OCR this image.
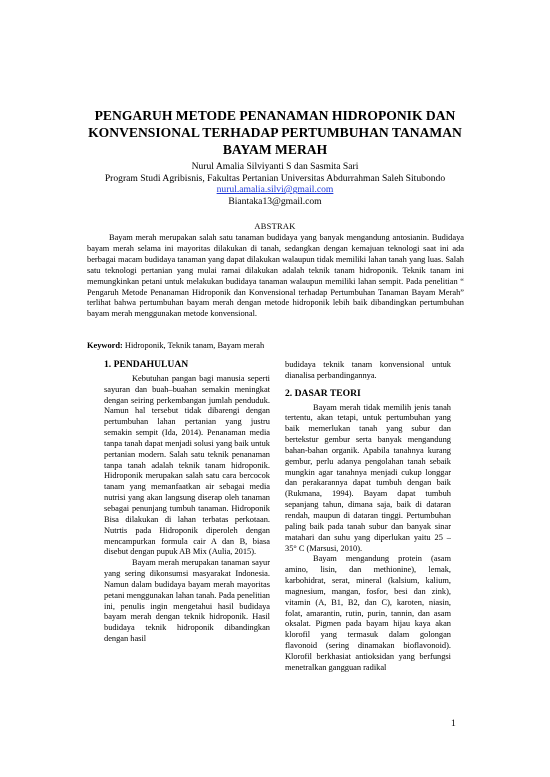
PENGARUH METODE PENANAMAN HIDROPONIK DAN KONVENSIONAL TERHADAP PERTUMBUHAN TANAMAN BAYAM MERAH
Nurul Amalia Silviyanti S dan Sasmita Sari
Program Studi Agribisnis, Fakultas Pertanian Universitas Abdurrahman Saleh Situbondo
nurul.amalia.silvi@gmail.com
Biantaka13@gmail.com
ABSTRAK

Bayam merah merupakan salah satu tanaman budidaya yang banyak mengandung antosianin. Budidaya bayam merah selama ini mayoritas dilakukan di tanah, sedangkan dengan kemajuan teknologi saat ini ada berbagai macam budidaya tanaman yang dapat dilakukan walaupun tidak memiliki lahan tanah yang luas. Salah satu teknologi pertanian yang mulai ramai dilakukan adalah teknik tanam hidroponik. Teknik tanam ini memungkinkan petani untuk melakukan budidaya tanaman walaupun memiliki lahan sempit. Pada penelitian “ Pengaruh Metode Penanaman Hidroponik dan Konvensional terhadap Pertumbuhan Tanaman Bayam Merah” terlihat bahwa pertumbuhan bayam merah dengan metode hidroponik lebih baik dibandingkan pertumbuhan bayam merah menggunakan metode konvensional.

Keyword: Hidroponik, Teknik tanam, Bayam merah
1. PENDAHULUAN

Kebutuhan pangan bagi manusia seperti sayuran dan buah–buahan semakin meningkat dengan seiring perkembangan jumlah penduduk. Namun hal tersebut tidak dibarengi dengan pertumbuhan lahan pertanian yang justru semakin sempit (Ida, 2014). Penanaman media tanpa tanah dapat menjadi solusi yang baik untuk pertanian modern. Salah satu teknik penanaman tanpa tanah adalah teknik tanam hidroponik. Hidroponik merupakan salah satu cara bercocok tanam yang memanfaatkan air sebagai media nutrisi yang akan langsung diserap oleh tanaman sebagai penunjang tumbuh tanaman. Hidroponik Bisa dilakukan di lahan terbatas perkotaan. Nutrtis pada Hidroponik diperoleh dengan mencampurkan formula cair A dan B, biasa disebut dengan pupuk AB Mix (Aulia, 2015).

Bayam merah merupakan tanaman sayur yang sering dikonsumsi masyarakat Indonesia. Namun dalam budidaya bayam merah mayoritas petani menggunakan lahan tanah. Pada penelitian ini, penulis ingin mengetahui hasil budidaya bayam merah dengan teknik hidroponik. Hasil budidaya teknik hidroponik dibandingkan dengan hasil

budidaya teknik tanam konvensional untuk dianalisa perbandingannya.

2. DASAR TEORI

Bayam merah tidak memilih jenis tanah tertentu, akan tetapi, untuk pertumbuhan yang baik memerlukan tanah yang subur dan bertekstur gembur serta banyak mengandung bahan-bahan organik. Apabila tanahnya kurang gembur, perlu adanya pengolahan tanah sebaik mungkin agar tanahnya menjadi cukup longgar dan perakarannya dapat tumbuh dengan baik (Rukmana, 1994). Bayam dapat tumbuh sepanjang tahun, dimana saja, baik di dataran rendah, maupun di dataran tinggi. Pertumbuhan paling baik pada tanah subur dan banyak sinar matahari dan suhu yang diperlukan yaitu 25 – 35° C (Marsusi, 2010).

Bayam mengandung protein (asam amino, lisin, dan methionine), lemak, karbohidrat, serat, mineral (kalsium, kalium, magnesium, mangan, fosfor, besi dan zink), vitamin (A, B1, B2, dan C), karoten, niasin, folat, amarantin, rutin, purin, tannin, dan asam oksalat. Pigmen pada bayam hijau kaya akan klorofil yang termasuk dalam golongan flavonoid (sering dinamakan bioflavonoid). Klorofil berkhasiat antioksidan yang berfungsi menetralkan gangguan radikal

1
